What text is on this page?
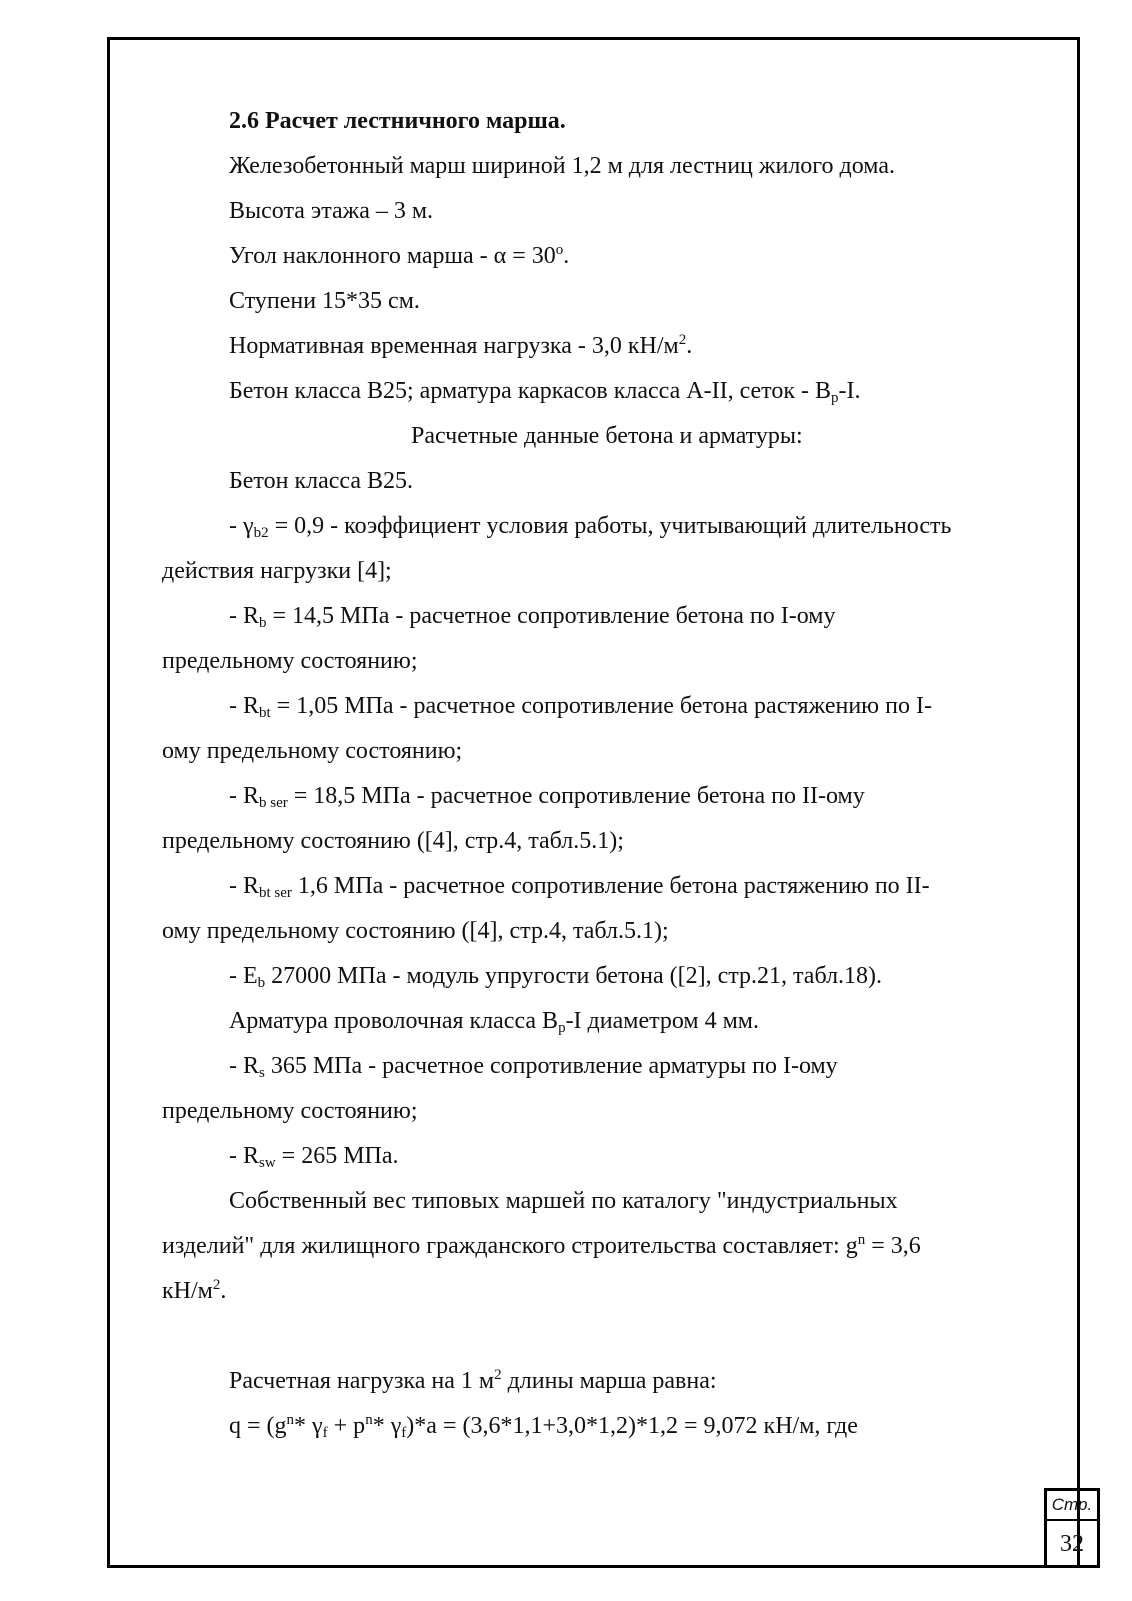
2.6 Расчет лестничного марша.
Железобетонный марш шириной 1,2 м для лестниц жилого дома.
Высота этажа – 3 м.
Угол наклонного марша - $\alpha = 30^o$.
Ступени 15*35 см.
Нормативная временная нагрузка - 3,0 $кН/м^2$.
Бетон класса В25; арматура каркасов класса А-II, сеток - $В_р-I$.
Расчетные данные бетона и арматуры:
Бетон класса В25.
- $\gamma_{b2} = 0,9$ - коэффициент условия работы, учитывающий длительность
действия нагрузки [4];
- $R_b = 14,5$ МПа - расчетное сопротивление бетона по I-ому
предельному состоянию;
- $R_{bt} = 1,05$ МПа - расчетное сопротивление бетона растяжению по I-
ому предельному состоянию;
- $R_{b ser} = 18,5$ МПа - расчетное сопротивление бетона по II-ому
предельному состоянию ([4], стр.4, табл.5.1);
- $R_{bt ser}$ 1,6 МПа - расчетное сопротивление бетона растяжению по II-
ому предельному состоянию ([4], стр.4, табл.5.1);
- $E_b$ 27000 МПа - модуль упругости бетона ([2], стр.21, табл.18).
Арматура проволочная класса $В_р-I$ диаметром 4 мм.
- $R_s$ 365 МПа - расчетное сопротивление арматуры по I-ому
предельному состоянию;
- $R_{sw} = 265$ МПа.
Собственный вес типовых маршей по каталогу "индустриальных
изделий" для жилищного гражданского строительства составляет: $g^n = 3,6$
$кН/м^2$.
Расчетная нагрузка на 1 $м^2$ длины марша равна:
$q = (g^n*$ $\gamma_f + p^n*$ $\gamma_f)*a = (3,6*1,1+3,0*1,2)*1,2 = 9,072$ кН/м, где
Стр.
32
